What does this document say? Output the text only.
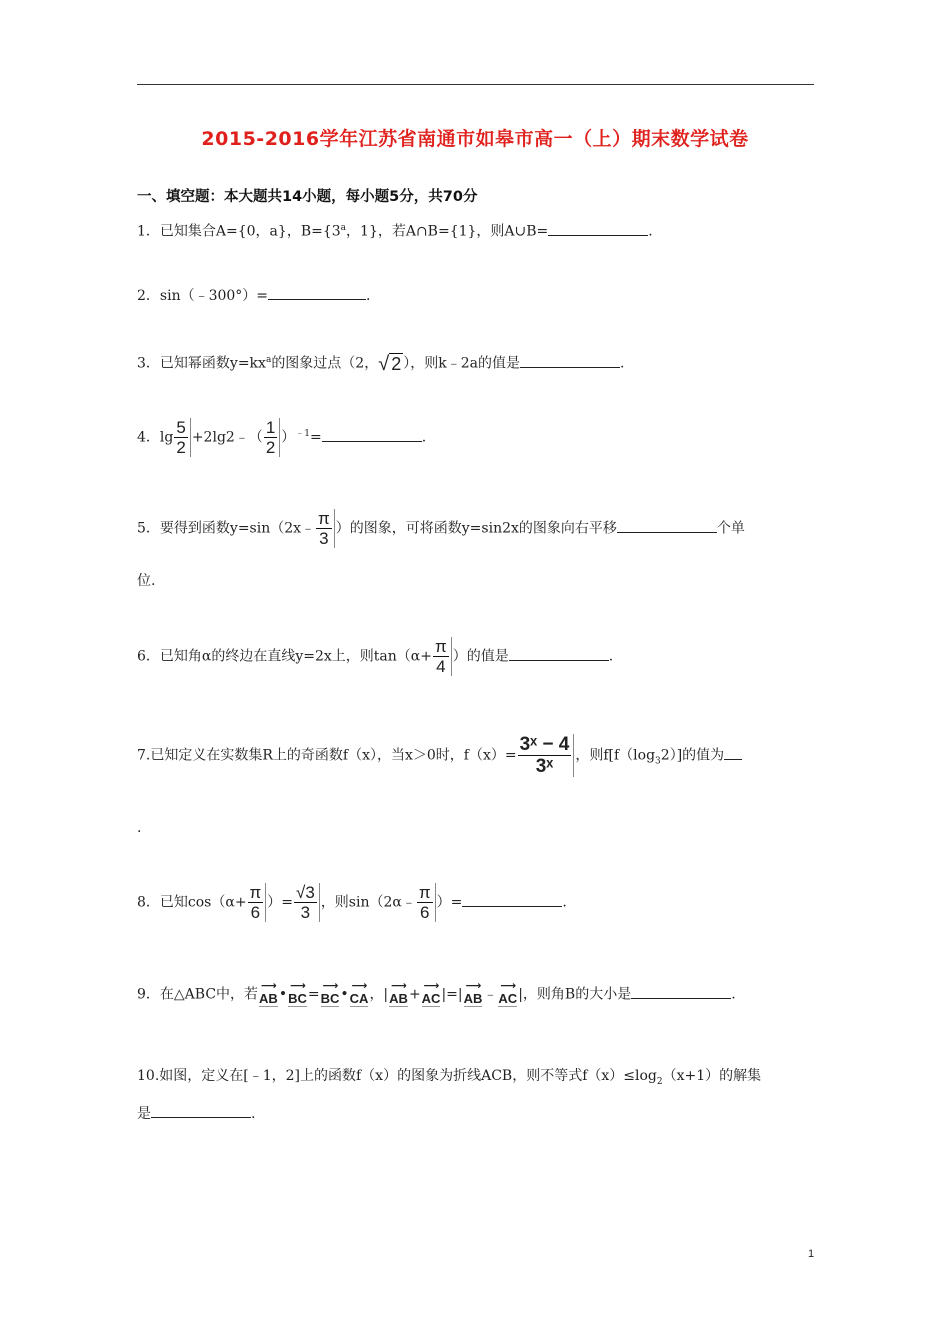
2015-2016学年江苏省南通市如皋市高一（上）期末数学试卷
一、填空题：本大题共14小题，每小题5分，共70分
1．已知集合A={0，a}，$B=\{3^a$，1}，若A∩B={1}，则A∪B=	.
2．sin（﹣300°）=	.
3．已知幂函数$y=kx^a$的图象过点（2， √ 2 ），则k﹣2a的值是	.
4．$\lg \frac{5}{2}$ +2lg2﹣（ $\frac{1}{2} )^{﹣1}=$	.
5．要得到函数y=sin（2x﹣ $\frac{\pi}{3}$ ）的图象，可将函数y=sin2x的图象向右平移	个单
位.
6．已知角α的终边在直线y=2x上，则$\tan(\alpha+ \frac{\pi}{4}$ ）的值是	.
7.已知定义在实数集R上的奇函数f（x），当x＞0时，$f(x)= \frac{\text{3ˣ − 4}}{\text{3ˣ}}$ ，则$f[f(\log_32)]$的值为
.
8．已知$\cos(\alpha+ \frac{\pi}{6}$ ）= $\frac{√3}{3}$ ，则sin（2α﹣ $\frac{\pi}{6}$ ）=	.
9．在△ABC中，若
⟶
AB •
⟶
BC =
⟶
BC •
⟶
CA ，|
⟶
AB +
⟶
AC |=|
⟶
AB ﹣
⟶
AC |，则角B的大小是	.
10.如图，定义在[﹣1，2]上的函数f（x）的图象为折线ACB，则不等式$f(x)\le\log_2(x+1)$的解集
是	.
1
